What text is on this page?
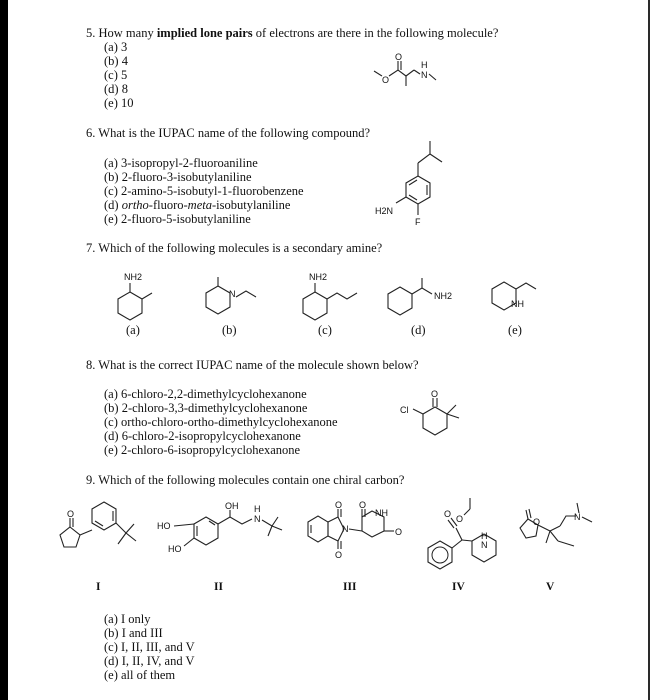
5. How many implied lone pairs of electrons are there in the following molecule?
(a) 3
(b) 4
(c) 5
(d) 8
(e) 10
6. What is the IUPAC name of the following compound?
(a) 3-isopropyl-2-fluoroaniline
(b) 2-fluoro-3-isobutylaniline
(c) 2-amino-5-isobutyl-1-fluorobenzene
(d) ortho-fluoro-meta-isobutylaniline
(e) 2-fluoro-5-isobutylaniline
7. Which of the following molecules is a secondary amine?
(a)	(b)	(c)	(d)	(e)
8. What is the correct IUPAC name of the molecule shown below?
(a) 6-chloro-2,2-dimethylcyclohexanone
(b) 2-chloro-3,3-dimethylcyclohexanone
(c) ortho-chloro-ortho-dimethylcyclohexanone
(d) 6-chloro-2-isopropylcyclohexanone
(e) 2-chloro-6-isopropylcyclohexanone
9. Which of the following molecules contain one chiral carbon?
I	II	III	IV	V
(a) I only
(b) I and III
(c) I, II, III, and V
(d) I, II, IV, and V
(e) all of them
O
O
H
N
H2N
F
NH2
N
NH2
NH2
NH
O
Cl
O
HO
HO
OH H
N
O
O
N
O
NH
O
O O
H
N
O	N
